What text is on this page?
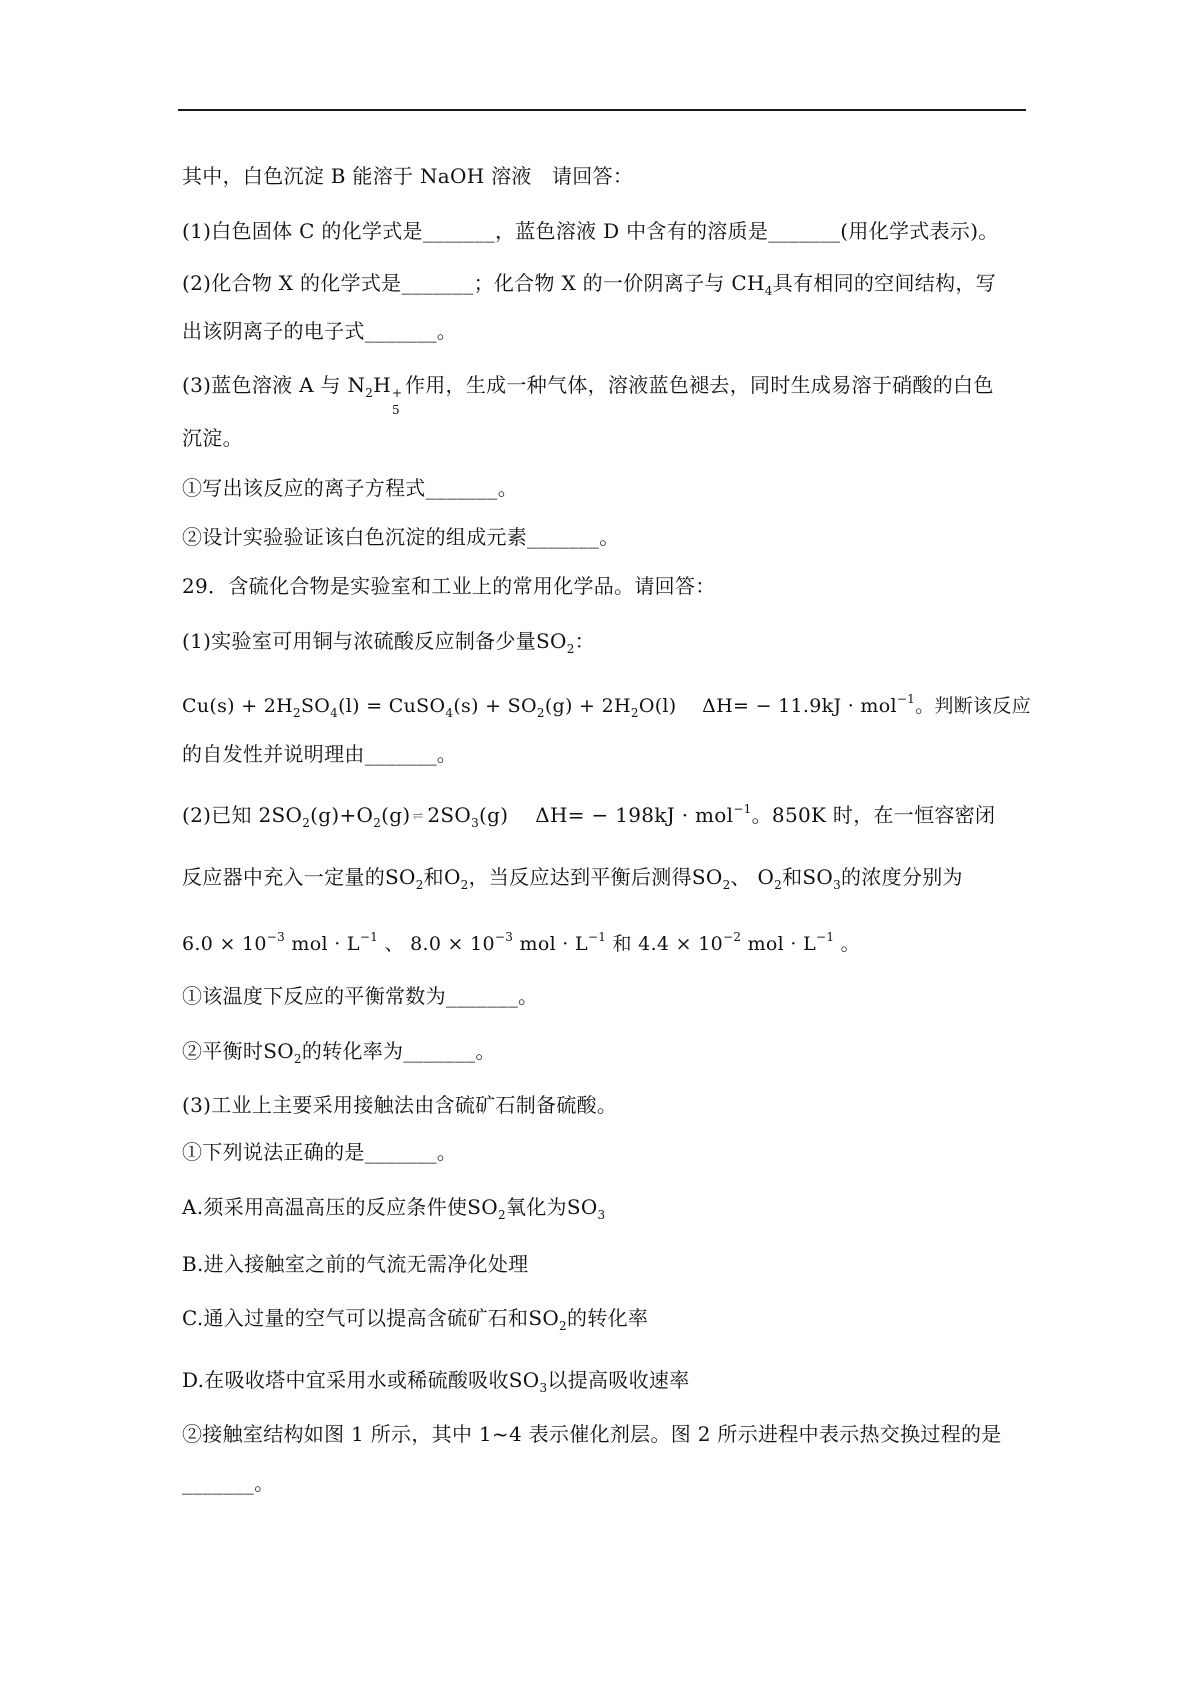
其中，白色沉淀 B 能溶于 NaOH 溶液　请回答：
(1)白色固体 C 的化学式是_______，蓝色溶液 D 中含有的溶质是_______(用化学式表示)。
(2)化合物 X 的化学式是_______；化合物 X 的一价阴离子与 $CH_4$具有相同的空间结构，写
出该阴离子的电子式_______。
(3)蓝色溶液 A 与 $N_2H$ +
5
作用，生成一种气体，溶液蓝色褪去，同时生成易溶于硝酸的白色
沉淀。
①写出该反应的离子方程式_______。
②设计实验验证该白色沉淀的组成元素_______。
29．含硫化合物是实验室和工业上的常用化学品。请回答：
(1)实验室可用铜与浓硫酸反应制备少量$SO_2$：
$Cu(s) + 2H_2SO_4(l)$ = CuSO$_4$(s) + $SO_2(g) + 2H_2O(l)$　 ΔH= − 11.9kJ · mol$^{-1}$。判断该反应
的自发性并说明理由_______。
(2)已知 $2SO_2(g)+O_2(g)$ ⇌ $2SO_3(g)$　 ΔH= − 198kJ · mol$^{-1}$。850K 时，在一恒容密闭
反应器中充入一定量的$SO_2$和$O_2$，当反应达到平衡后测得$SO_2$、 $O_2$和$SO_3$的浓度分别为
$6.0 \times 10^{-3}$ mol · $L^{-1}$ 、 $8.0 \times 10^{-3}$ mol · $L^{-1}$ 和 $4.4 \times 10^{-2}$ mol · $L^{-1}$ 。
①该温度下反应的平衡常数为_______。
②平衡时$SO_2$的转化率为_______。
(3)工业上主要采用接触法由含硫矿石制备硫酸。
①下列说法正确的是_______。
A.须采用高温高压的反应条件使$SO_2$氧化为$SO_3$
B.进入接触室之前的气流无需净化处理
C.通入过量的空气可以提高含硫矿石和$SO_2$的转化率
D.在吸收塔中宜采用水或稀硫酸吸收$SO_3$以提高吸收速率
②接触室结构如图 1 所示，其中 1~4 表示催化剂层。图 2 所示进程中表示热交换过程的是
_______。
